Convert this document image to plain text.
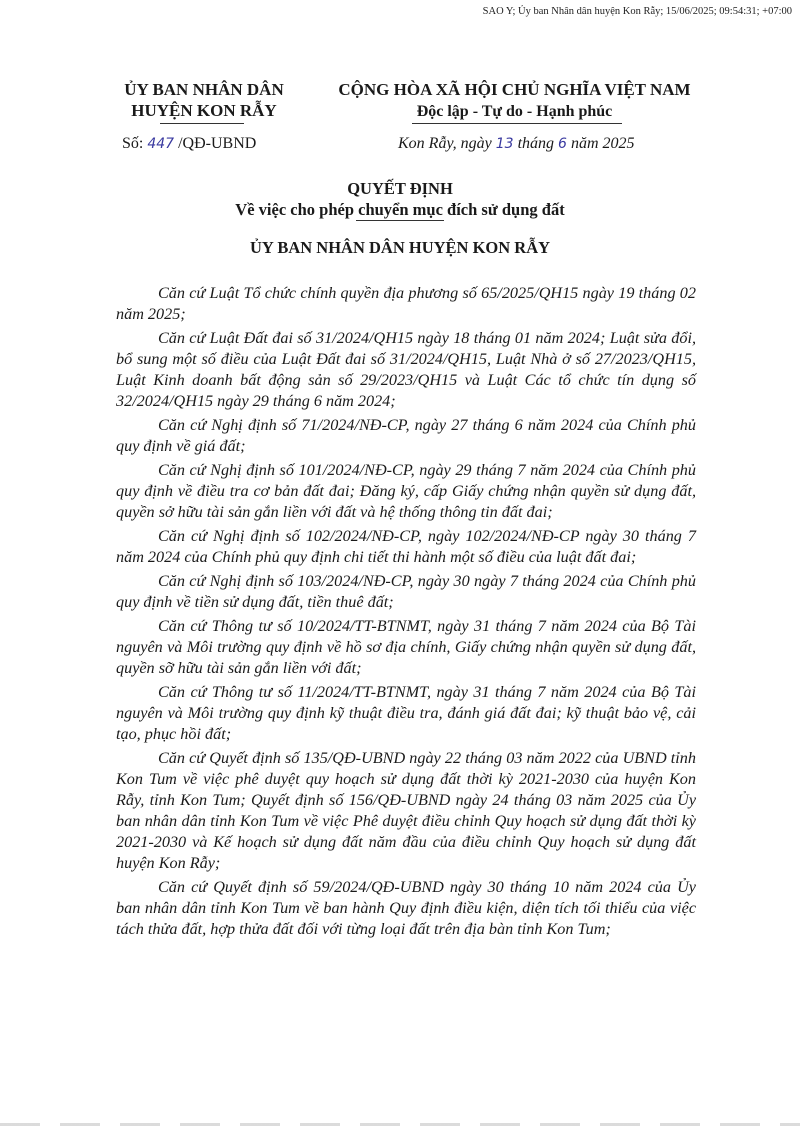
SAO Y; Ủy ban Nhân dân huyện Kon Rẫy; 15/06/2025; 09:54:31; +07:00
ỦY BAN NHÂN DÂN
HUYỆN KON RẪY
CỘNG HÒA XÃ HỘI CHỦ NGHĨA VIỆT NAM
Độc lập - Tự do - Hạnh phúc
Số: 447 /QĐ-UBND	Kon Rẫy, ngày 13 tháng 6 năm 2025
QUYẾT ĐỊNH
Về việc cho phép chuyển mục đích sử dụng đất
ỦY BAN NHÂN DÂN HUYỆN KON RẪY

Căn cứ Luật Tổ chức chính quyền địa phương số 65/2025/QH15 ngày 19 tháng 02 năm 2025;

Căn cứ Luật Đất đai số 31/2024/QH15 ngày 18 tháng 01 năm 2024; Luật sửa đổi, bổ sung một số điều của Luật Đất đai số 31/2024/QH15, Luật Nhà ở số 27/2023/QH15, Luật Kinh doanh bất động sản số 29/2023/QH15 và Luật Các tổ chức tín dụng số 32/2024/QH15 ngày 29 tháng 6 năm 2024;

Căn cứ Nghị định số 71/2024/NĐ-CP, ngày 27 tháng 6 năm 2024 của Chính phủ quy định về giá đất;

Căn cứ Nghị định số 101/2024/NĐ-CP, ngày 29 tháng 7 năm 2024 của Chính phủ quy định về điều tra cơ bản đất đai; Đăng ký, cấp Giấy chứng nhận quyền sử dụng đất, quyền sở hữu tài sản gắn liền với đất và hệ thống thông tin đất đai;

Căn cứ Nghị định số 102/2024/NĐ-CP, ngày 102/2024/NĐ-CP ngày 30 tháng 7 năm 2024 của Chính phủ quy định chi tiết thi hành một số điều của luật đất đai;

Căn cứ Nghị định số 103/2024/NĐ-CP, ngày 30 ngày 7 tháng 2024 của Chính phủ quy định về tiền sử dụng đất, tiền thuê đất;

Căn cứ Thông tư số 10/2024/TT-BTNMT, ngày 31 tháng 7 năm 2024 của Bộ Tài nguyên và Môi trường quy định về hồ sơ địa chính, Giấy chứng nhận quyền sử dụng đất, quyền sỡ hữu tài sản gắn liền với đất;

Căn cứ Thông tư số 11/2024/TT-BTNMT, ngày 31 tháng 7 năm 2024 của Bộ Tài nguyên và Môi trường quy định kỹ thuật điều tra, đánh giá đất đai; kỹ thuật bảo vệ, cải tạo, phục hồi đất;

Căn cứ Quyết định số 135/QĐ-UBND ngày 22 tháng 03 năm 2022 của UBND tỉnh Kon Tum về việc phê duyệt quy hoạch sử dụng đất thời kỳ 2021-2030 của huyện Kon Rẫy, tỉnh Kon Tum; Quyết định số 156/QĐ-UBND ngày 24 tháng 03 năm 2025 của Ủy ban nhân dân tỉnh Kon Tum về việc Phê duyệt điều chỉnh Quy hoạch sử dụng đất thời kỳ 2021-2030 và Kế hoạch sử dụng đất năm đầu của điều chỉnh Quy hoạch sử dụng đất huyện Kon Rẫy;

Căn cứ Quyết định số 59/2024/QĐ-UBND ngày 30 tháng 10 năm 2024 của Ủy ban nhân dân tỉnh Kon Tum về ban hành Quy định điều kiện, diện tích tối thiểu của việc tách thửa đất, hợp thửa đất đối với từng loại đất trên địa bàn tỉnh Kon Tum;
